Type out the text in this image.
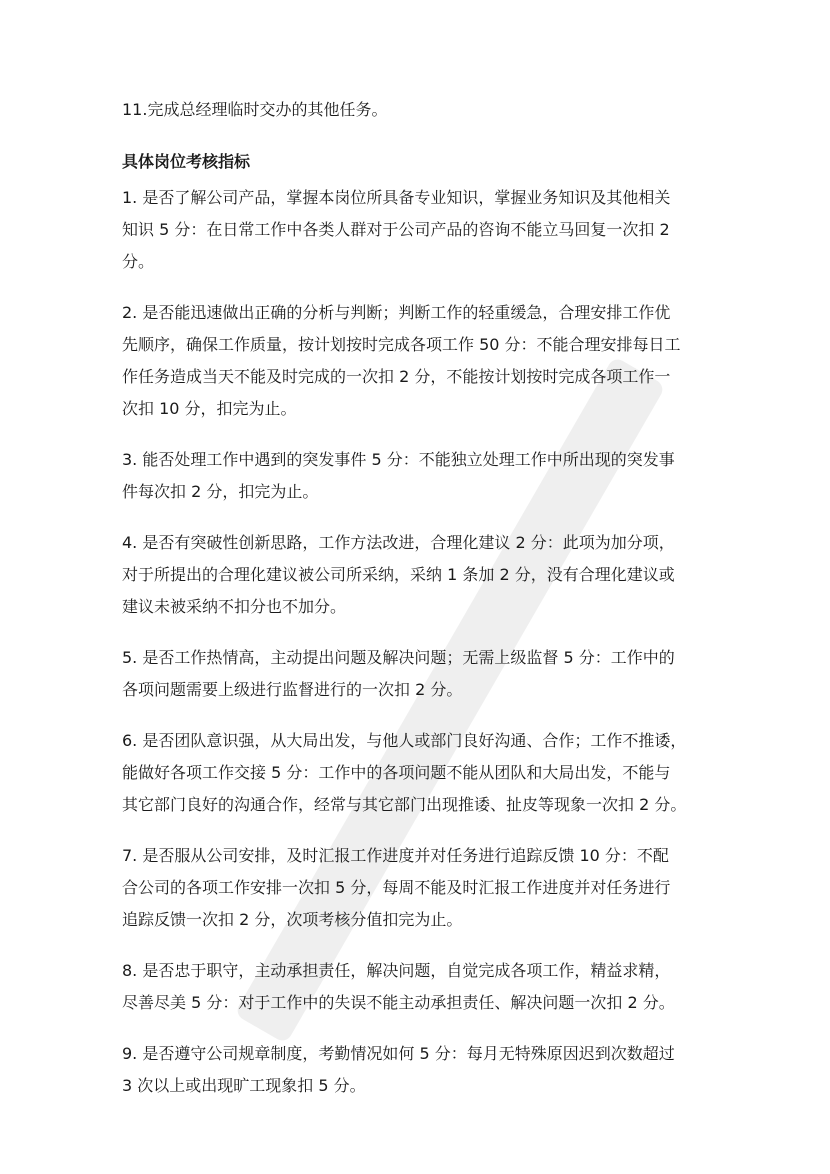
11.完成总经理临时交办的其他任务。

具体岗位考核指标
1. 是否了解公司产品，掌握本岗位所具备专业知识，掌握业务知识及其他相关
知识 5 分：在日常工作中各类人群对于公司产品的咨询不能立马回复一次扣 2
分。
2. 是否能迅速做出正确的分析与判断；判断工作的轻重缓急，合理安排工作优
先顺序，确保工作质量，按计划按时完成各项工作 50 分：不能合理安排每日工
作任务造成当天不能及时完成的一次扣 2 分，不能按计划按时完成各项工作一
次扣 10 分，扣完为止。
3. 能否处理工作中遇到的突发事件 5 分：不能独立处理工作中所出现的突发事
件每次扣 2 分，扣完为止。
4. 是否有突破性创新思路，工作方法改进，合理化建议 2 分：此项为加分项，
对于所提出的合理化建议被公司所采纳，采纳 1 条加 2 分，没有合理化建议或
建议未被采纳不扣分也不加分。
5. 是否工作热情高，主动提出问题及解决问题；无需上级监督 5 分：工作中的
各项问题需要上级进行监督进行的一次扣 2 分。
6. 是否团队意识强，从大局出发，与他人或部门良好沟通、合作；工作不推诿，
能做好各项工作交接 5 分：工作中的各项问题不能从团队和大局出发，不能与
其它部门良好的沟通合作，经常与其它部门出现推诿、扯皮等现象一次扣 2 分。
7. 是否服从公司安排，及时汇报工作进度并对任务进行追踪反馈 10 分：不配
合公司的各项工作安排一次扣 5 分，每周不能及时汇报工作进度并对任务进行
追踪反馈一次扣 2 分，次项考核分值扣完为止。
8. 是否忠于职守，主动承担责任，解决问题，自觉完成各项工作，精益求精，
尽善尽美 5 分：对于工作中的失误不能主动承担责任、解决问题一次扣 2 分。
9. 是否遵守公司规章制度，考勤情况如何 5 分：每月无特殊原因迟到次数超过
3 次以上或出现旷工现象扣 5 分。
